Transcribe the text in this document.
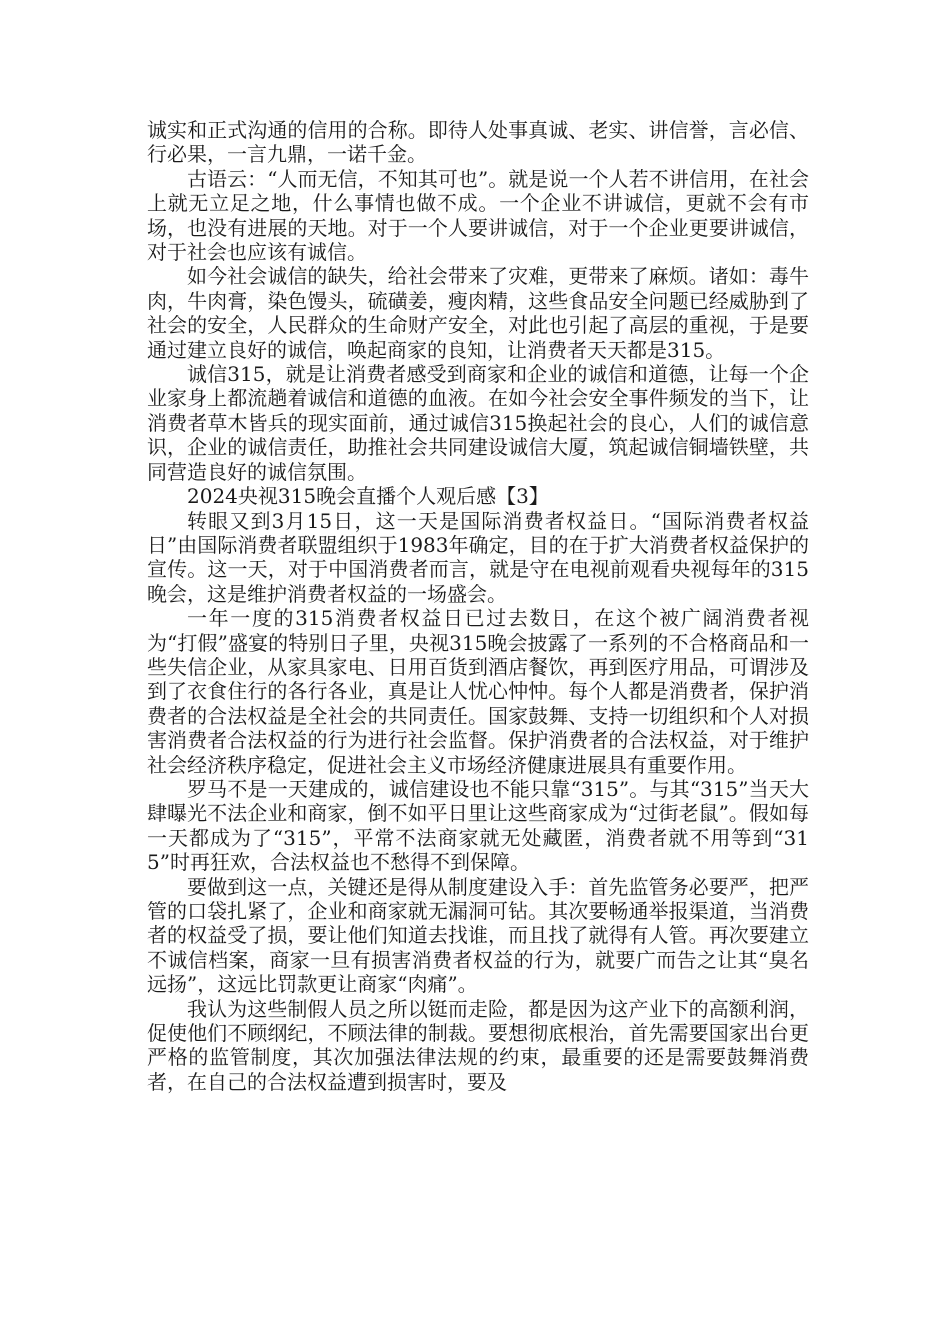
诚实和正式沟通的信用的合称。即待人处事真诚、老实、讲信誉，言必信、行必果，一言九鼎，一诺千金。

古语云：“人而无信，不知其可也”。就是说一个人若不讲信用，在社会上就无立足之地，什么事情也做不成。一个企业不讲诚信，更就不会有市场，也没有进展的天地。对于一个人要讲诚信，对于一个企业更要讲诚信，对于社会也应该有诚信。

如今社会诚信的缺失，给社会带来了灾难，更带来了麻烦。诸如：毒牛肉，牛肉膏，染色馒头，硫磺姜，瘦肉精，这些食品安全问题已经威胁到了社会的安全，人民群众的生命财产安全，对此也引起了高层的重视，于是要通过建立良好的诚信，唤起商家的良知，让消费者天天都是315。

诚信315，就是让消费者感受到商家和企业的诚信和道德，让每一个企业家身上都流趟着诚信和道德的血液。在如今社会安全事件频发的当下，让消费者草木皆兵的现实面前，通过诚信315换起社会的良心，人们的诚信意识，企业的诚信责任，助推社会共同建设诚信大厦，筑起诚信铜墙铁壁，共同营造良好的诚信氛围。

2024央视315晚会直播个人观后感【3】

转眼又到3月15日，这一天是国际消费者权益日。“国际消费者权益日”由国际消费者联盟组织于1983年确定，目的在于扩大消费者权益保护的宣传。这一天，对于中国消费者而言，就是守在电视前观看央视每年的315晚会，这是维护消费者权益的一场盛会。

一年一度的315消费者权益日已过去数日，在这个被广阔消费者视为“打假”盛宴的特别日子里，央视315晚会披露了一系列的不合格商品和一些失信企业，从家具家电、日用百货到酒店餐饮，再到医疗用品，可谓涉及到了衣食住行的各行各业，真是让人忧心忡忡。每个人都是消费者，保护消费者的合法权益是全社会的共同责任。国家鼓舞、支持一切组织和个人对损害消费者合法权益的行为进行社会监督。保护消费者的合法权益，对于维护社会经济秩序稳定，促进社会主义市场经济健康进展具有重要作用。

罗马不是一天建成的，诚信建设也不能只靠“315”。与其“315”当天大肆曝光不法企业和商家，倒不如平日里让这些商家成为“过街老鼠”。假如每一天都成为了“315”，平常不法商家就无处藏匿，消费者就不用等到“315”时再狂欢，合法权益也不愁得不到保障。

要做到这一点，关键还是得从制度建设入手：首先监管务必要严，把严管的口袋扎紧了，企业和商家就无漏洞可钻。其次要畅通举报渠道，当消费者的权益受了损，要让他们知道去找谁，而且找了就得有人管。再次要建立不诚信档案，商家一旦有损害消费者权益的行为，就要广而告之让其“臭名远扬”，这远比罚款更让商家“肉痛”。

我认为这些制假人员之所以铤而走险，都是因为这产业下的高额利润，促使他们不顾纲纪，不顾法律的制裁。要想彻底根治，首先需要国家出台更严格的监管制度，其次加强法律法规的约束，最重要的还是需要鼓舞消费者，在自己的合法权益遭到损害时，要及
